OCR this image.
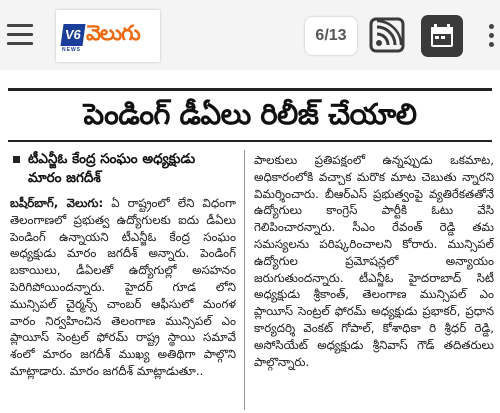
V6
NEWS
వెలుగు	6/13
పెండింగ్ డీఏలు రిలీజ్ చేయాలి
టీఎన్జీఓ కేంద్ర సంఘం అధ్యక్షుడు
మారం జగదీశ్
బషీర్‌బాగ్, వెలుగు: ఏ రాష్ట్రంలో లేని విధంగా తెలంగాణలో ప్రభుత్వ ఉద్యోగులకు ఐదు డీఏలు పెండింగ్ ఉన్నాయని టీఎన్జీఓ కేంద్ర సంఘం అధ్యక్షుడు మారం జగదీశ్ అన్నారు. పెండింగ్ బకాయిలు, డీఏలతో ఉద్యోగుల్లో అసహనం పెరిగిపోయిందన్నారు. హైదర్ గూడ లోని మున్సిపల్ చైర్మన్స్ చాంబర్ ఆఫీసులో మంగళ వారం నిర్వహించిన తెలంగాణ మున్సిపల్ ఎం ప్లాయీస్ సెంట్రల్ ఫోరమ్ రాష్ట్ర స్థాయి సమావే శంలో మారం జగదీశ్ ముఖ్య అతిథిగా పాల్గొని మాట్లాడారు. మారం జగదీశ్ మాట్లాడుతూ..
పాలకులు ప్రతిపక్షంలో ఉన్నప్పుడు ఒకమాట, అధికారంలోకి వచ్చాక మరొక మాట చెబుతు న్నారని విమర్శించారు. బీఆర్ఎస్ ప్రభుత్వంపై వ్యతిరేకతతోనే ఉద్యోగులు కాంగ్రెస్ పార్టీకి ఓటు వేసి గెలిపించారన్నారు. సీఎం రేవంత్ రెడ్డి తమ సమస్యలను పరిష్కరించాలని కోరారు. మున్సిపల్ ఉద్యోగుల ప్రమోషన్లలో అన్యాయం జరుగుతుందన్నారు. టీఎన్జీఓ హైదరాబాద్ సిటీ అధ్యక్షుడు శ్రీకాంత్, తెలంగాణ మున్సిపల్ ఎం ప్లాయీస్ సెంట్రల్ ఫోరమ్ అధ్యక్షుడు ప్రభాకర్, ప్రధాన కార్యదర్శి వెంకట్ గోపాల్, కోశాధికా రి శ్రీధర్ రెడ్డి, అసోసియేట్ అధ్యక్షుడు శ్రీనివాస్ గౌడ్ తదితరులు పాల్గొన్నారు.
